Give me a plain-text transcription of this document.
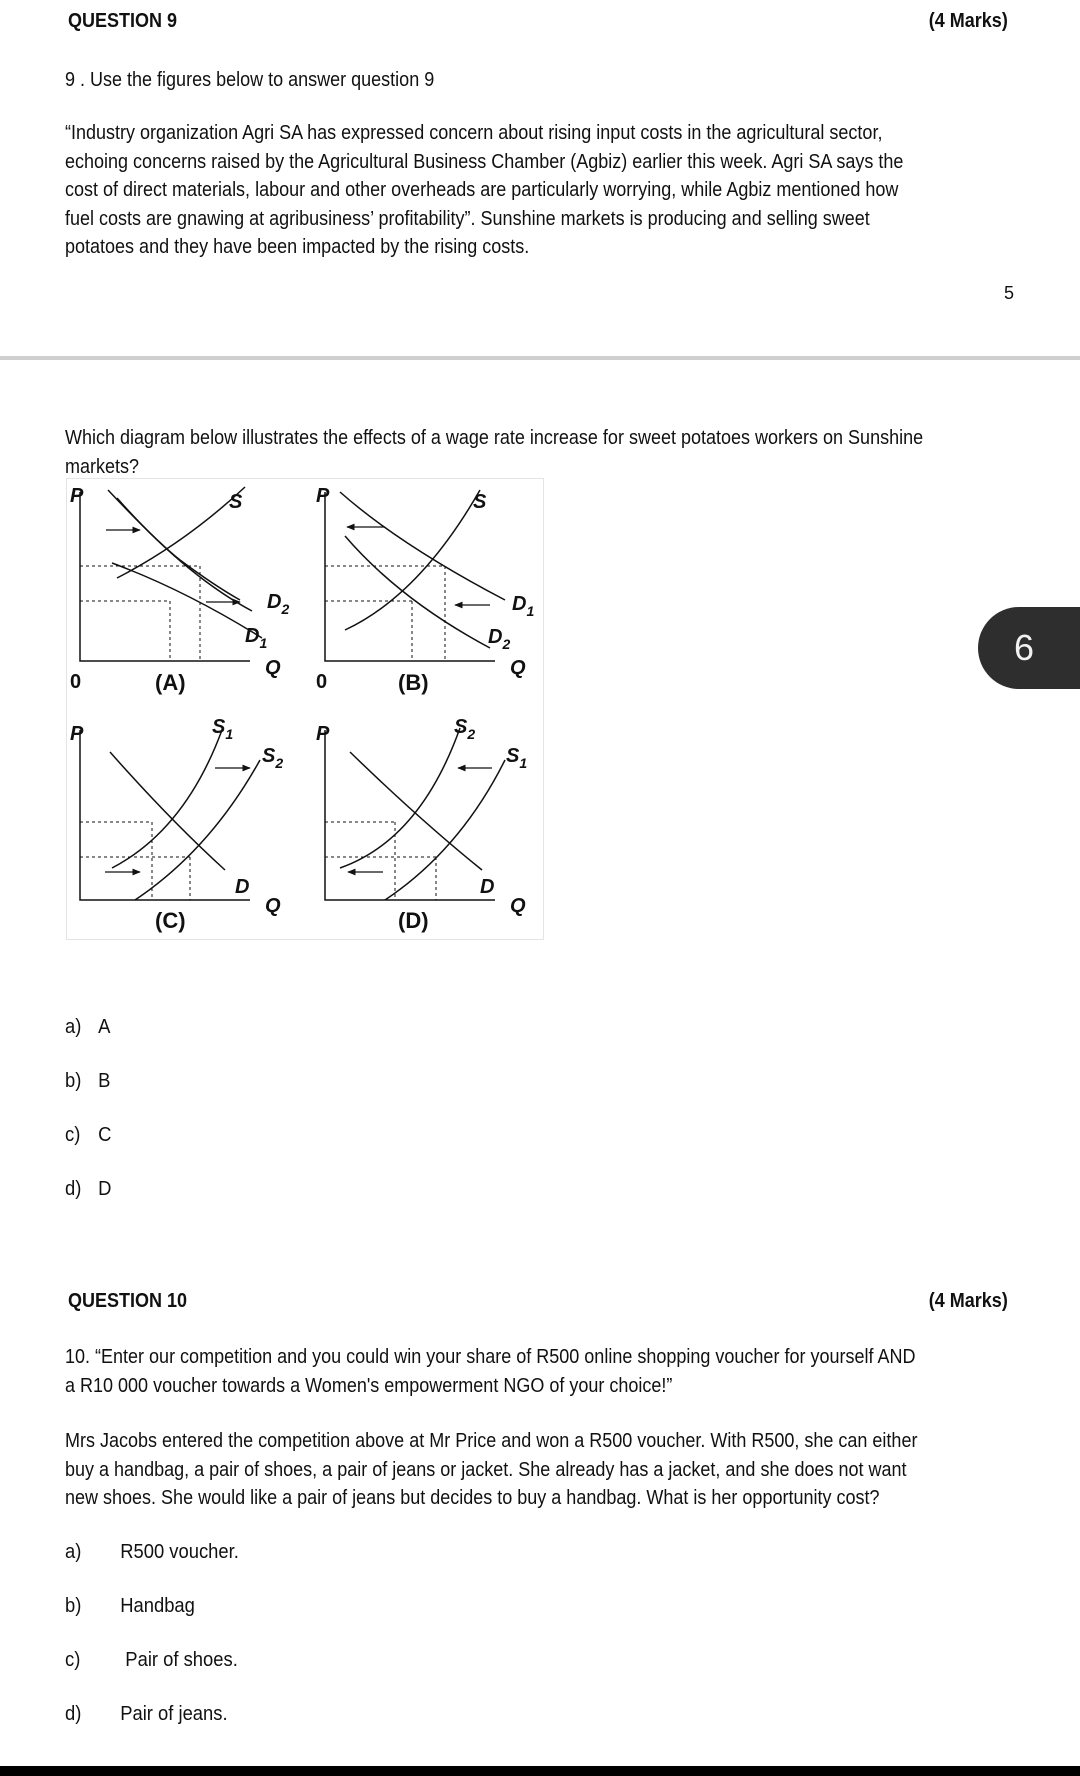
QUESTION 9	(4 Marks)
9 . Use the figures below to answer question 9
“Industry organization Agri SA has expressed concern about rising input costs in the agricultural sector, echoing concerns raised by the Agricultural Business Chamber (Agbiz) earlier this week. Agri SA says the cost of direct materials, labour and other overheads are particularly worrying, while Agbiz mentioned how fuel costs are gnawing at agribusiness’ profitability”. Sunshine markets is producing and selling sweet potatoes and they have been impacted by the rising costs.
5
Which diagram below illustrates the effects of a wage rate increase for sweet potatoes workers on Sunshine markets?
P	S
$D_2$
$D_1$
Q
0	(A)
P	S
$D_1$
$D_2$
Q
0	(B)
P	$S_1$
$S_2$
D
Q
(C)
P	$S_2$
$S_1$
D
Q
(D)
6
a) A
b) B
c) C
d) D
QUESTION 10	(4 Marks)
10. “Enter our competition and you could win your share of R500 online shopping voucher for yourself AND a R10 000 voucher towards a Women's empowerment NGO of your choice!”
Mrs Jacobs entered the competition above at Mr Price and won a R500 voucher. With R500, she can either buy a handbag, a pair of shoes, a pair of jeans or jacket. She already has a jacket, and she does not want new shoes. She would like a pair of jeans but decides to buy a handbag. What is her opportunity cost?
a)	R500 voucher.
b)	Handbag
c)	Pair of shoes.
d)	Pair of jeans.
